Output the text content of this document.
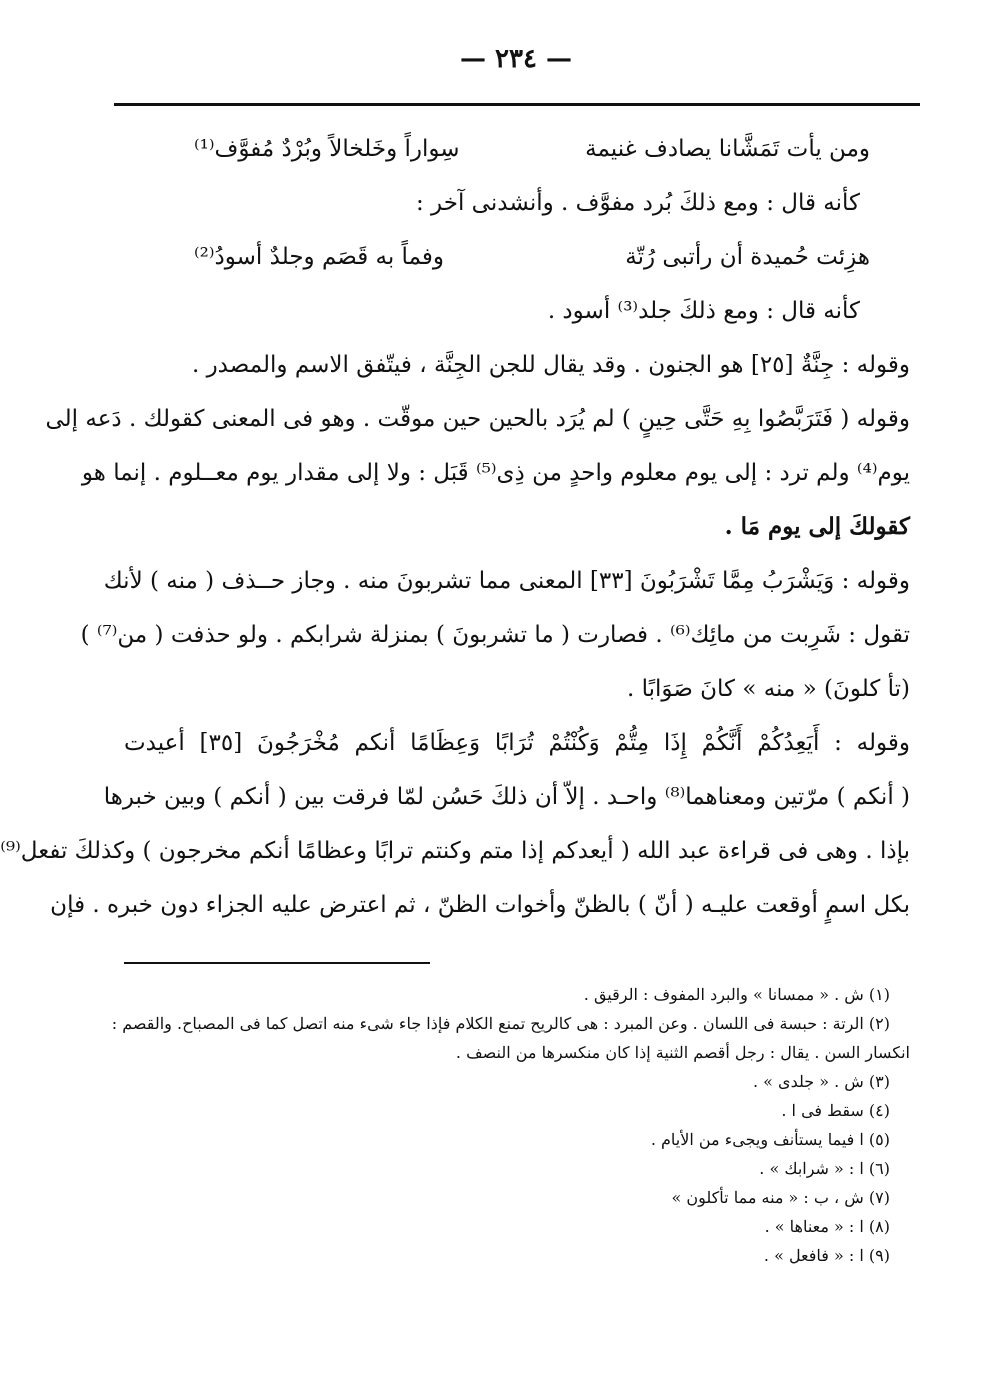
— ٢٣٤ —
ومن يأت تَمَشَّانا يصادف غنيمة
سِواراً وخَلخالاً وبُرْدٌ مُفوَّف⁽¹⁾
كأنه قال : ومع ذلكَ بُرد مفوَّف . وأنشدنى آخر :
هزِئت حُميدة أن رأتبى رُتّة
وفماً به قَصَم وجلدٌ أسودُ⁽²⁾
كأنه قال : ومع ذلكَ جلد⁽³⁾ أسود .
وقوله : جِنَّةٌ [٢٥] هو الجنون . وقد يقال للجن الجِنَّة ، فيتّفق الاسم والمصدر .
وقوله ( فَتَرَبَّصُوا بِهِ حَتَّى حِينٍ ) لم يُرَد بالحين حين موقّت . وهو فى المعنى كقولك . دَعه إلى
يوم⁽⁴⁾ ولم ترد : إلى يوم معلوم واحدٍ من ذِى⁽⁵⁾ قَبَل : ولا إلى مقدار يوم معــلوم . إنما هو
كقولكَ إلى يوم مَا .
وقوله : وَيَشْرَبُ مِمَّا تَشْرَبُونَ [٣٣] المعنى مما تشربونَ منه . وجاز حــذف ( منه ) لأنك
تقول : شَرِبت من مائِك⁽⁶⁾ . فصارت ( ما تشربونَ ) بمنزلة شرابكم . ولو حذفت ( من⁽⁷⁾ )
(تأ كلونَ) « منه » كانَ صَوَابًا .
وقوله : أَيَعِدُكُمْ أَنَّكُمْ إِذَا مِتُّمْ وَكُنْتُمْ تُرَابًا وَعِظَامًا أنكم مُخْرَجُونَ [٣٥] أعيدت
( أنكم ) مرّتين ومعناهما⁽⁸⁾ واحـد . إلاّ أن ذلكَ حَسُن لمّا فرقت بين ( أنكم ) وبين خبرها
بإذا . وهى فى قراءة عبد الله ( أيعدكم إذا متم وكنتم ترابًا وعظامًا أنكم مخرجون ) وكذلكَ تفعل⁽⁹⁾
بكل اسمٍ أوقعت عليـه ( أنّ ) بالظنّ وأخوات الظنّ ، ثم اعترض عليه الجزاء دون خبره . فإن
(١) ش . « ممسانا » والبرد المفوف : الرقيق .
(٢) الرتة : حبسة فى اللسان . وعن المبرد : هى كالريح تمنع الكلام فإذا جاء شىء منه اتصل كما فى المصباح. والقصم :
انكسار السن . يقال : رجل أقصم الثنية إذا كان منكسرها من النصف .
(٣) ش . « جلدى » .
(٤) سقط فى ا .
(٥) ا فيما يستأنف ويجىء من الأيام .
(٦) ا : « شرابك » .
(٧) ش ، ب : « منه مما تأكلون »
(٨) ا : « معناها » .
(٩) ا : « فافعل » .
